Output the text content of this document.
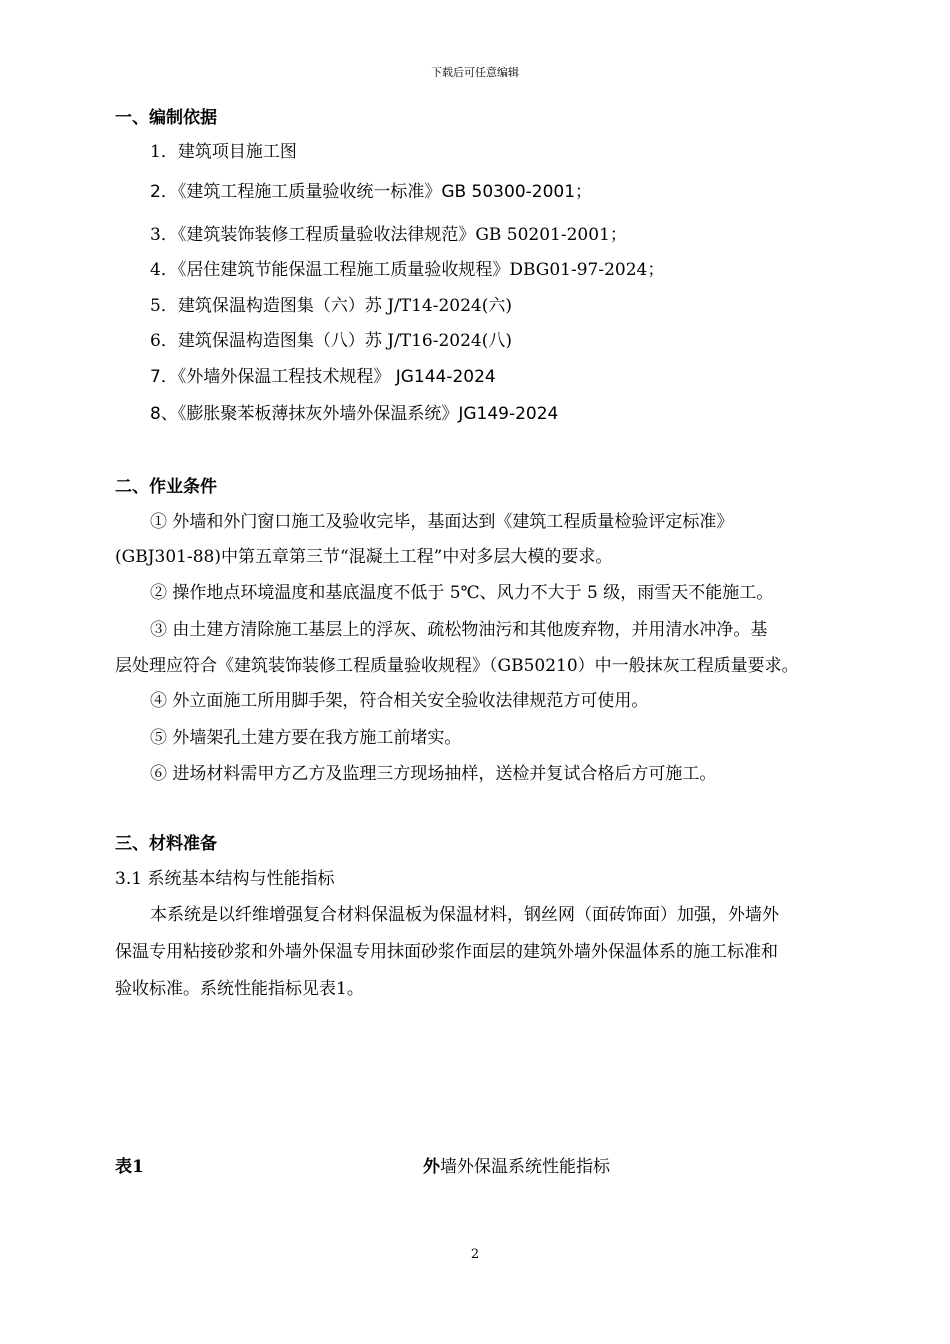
下载后可任意编辑
一、编制依据
1．建筑项目施工图
2．《建筑工程施工质量验收统一标准》GB 50300-2001；
3．《建筑装饰装修工程质量验收法律规范》GB 50201-2001；
4．《居住建筑节能保温工程施工质量验收规程》DBG01-97-2024；
5．建筑保温构造图集（六）苏 J/T14-2024(六)
6．建筑保温构造图集（八）苏 J/T16-2024(八)
7．《外墙外保温工程技术规程》 JG144-2024
8、《膨胀聚苯板薄抹灰外墙外保温系统》JG149-2024
二、作业条件
① 外墙和外门窗口施工及验收完毕，基面达到《建筑工程质量检验评定标准》
(GBJ301-88)中第五章第三节“混凝土工程”中对多层大模的要求。
② 操作地点环境温度和基底温度不低于 5℃、风力不大于 5 级，雨雪天不能施工。
③ 由土建方清除施工基层上的浮灰、疏松物油污和其他废弃物，并用清水冲净。基
层处理应符合《建筑装饰装修工程质量验收规程》（GB50210）中一般抹灰工程质量要求。
④ 外立面施工所用脚手架，符合相关安全验收法律规范方可使用。
⑤ 外墙架孔土建方要在我方施工前堵实。
⑥ 进场材料需甲方乙方及监理三方现场抽样，送检并复试合格后方可施工。
三、材料准备
3.1 系统基本结构与性能指标
本系统是以纤维增强复合材料保温板为保温材料，钢丝网（面砖饰面）加强，外墙外
保温专用粘接砂浆和外墙外保温专用抹面砂浆作面层的建筑外墙外保温体系的施工标准和
验收标准。系统性能指标见表1。
表1	外墙外保温系统性能指标
2
